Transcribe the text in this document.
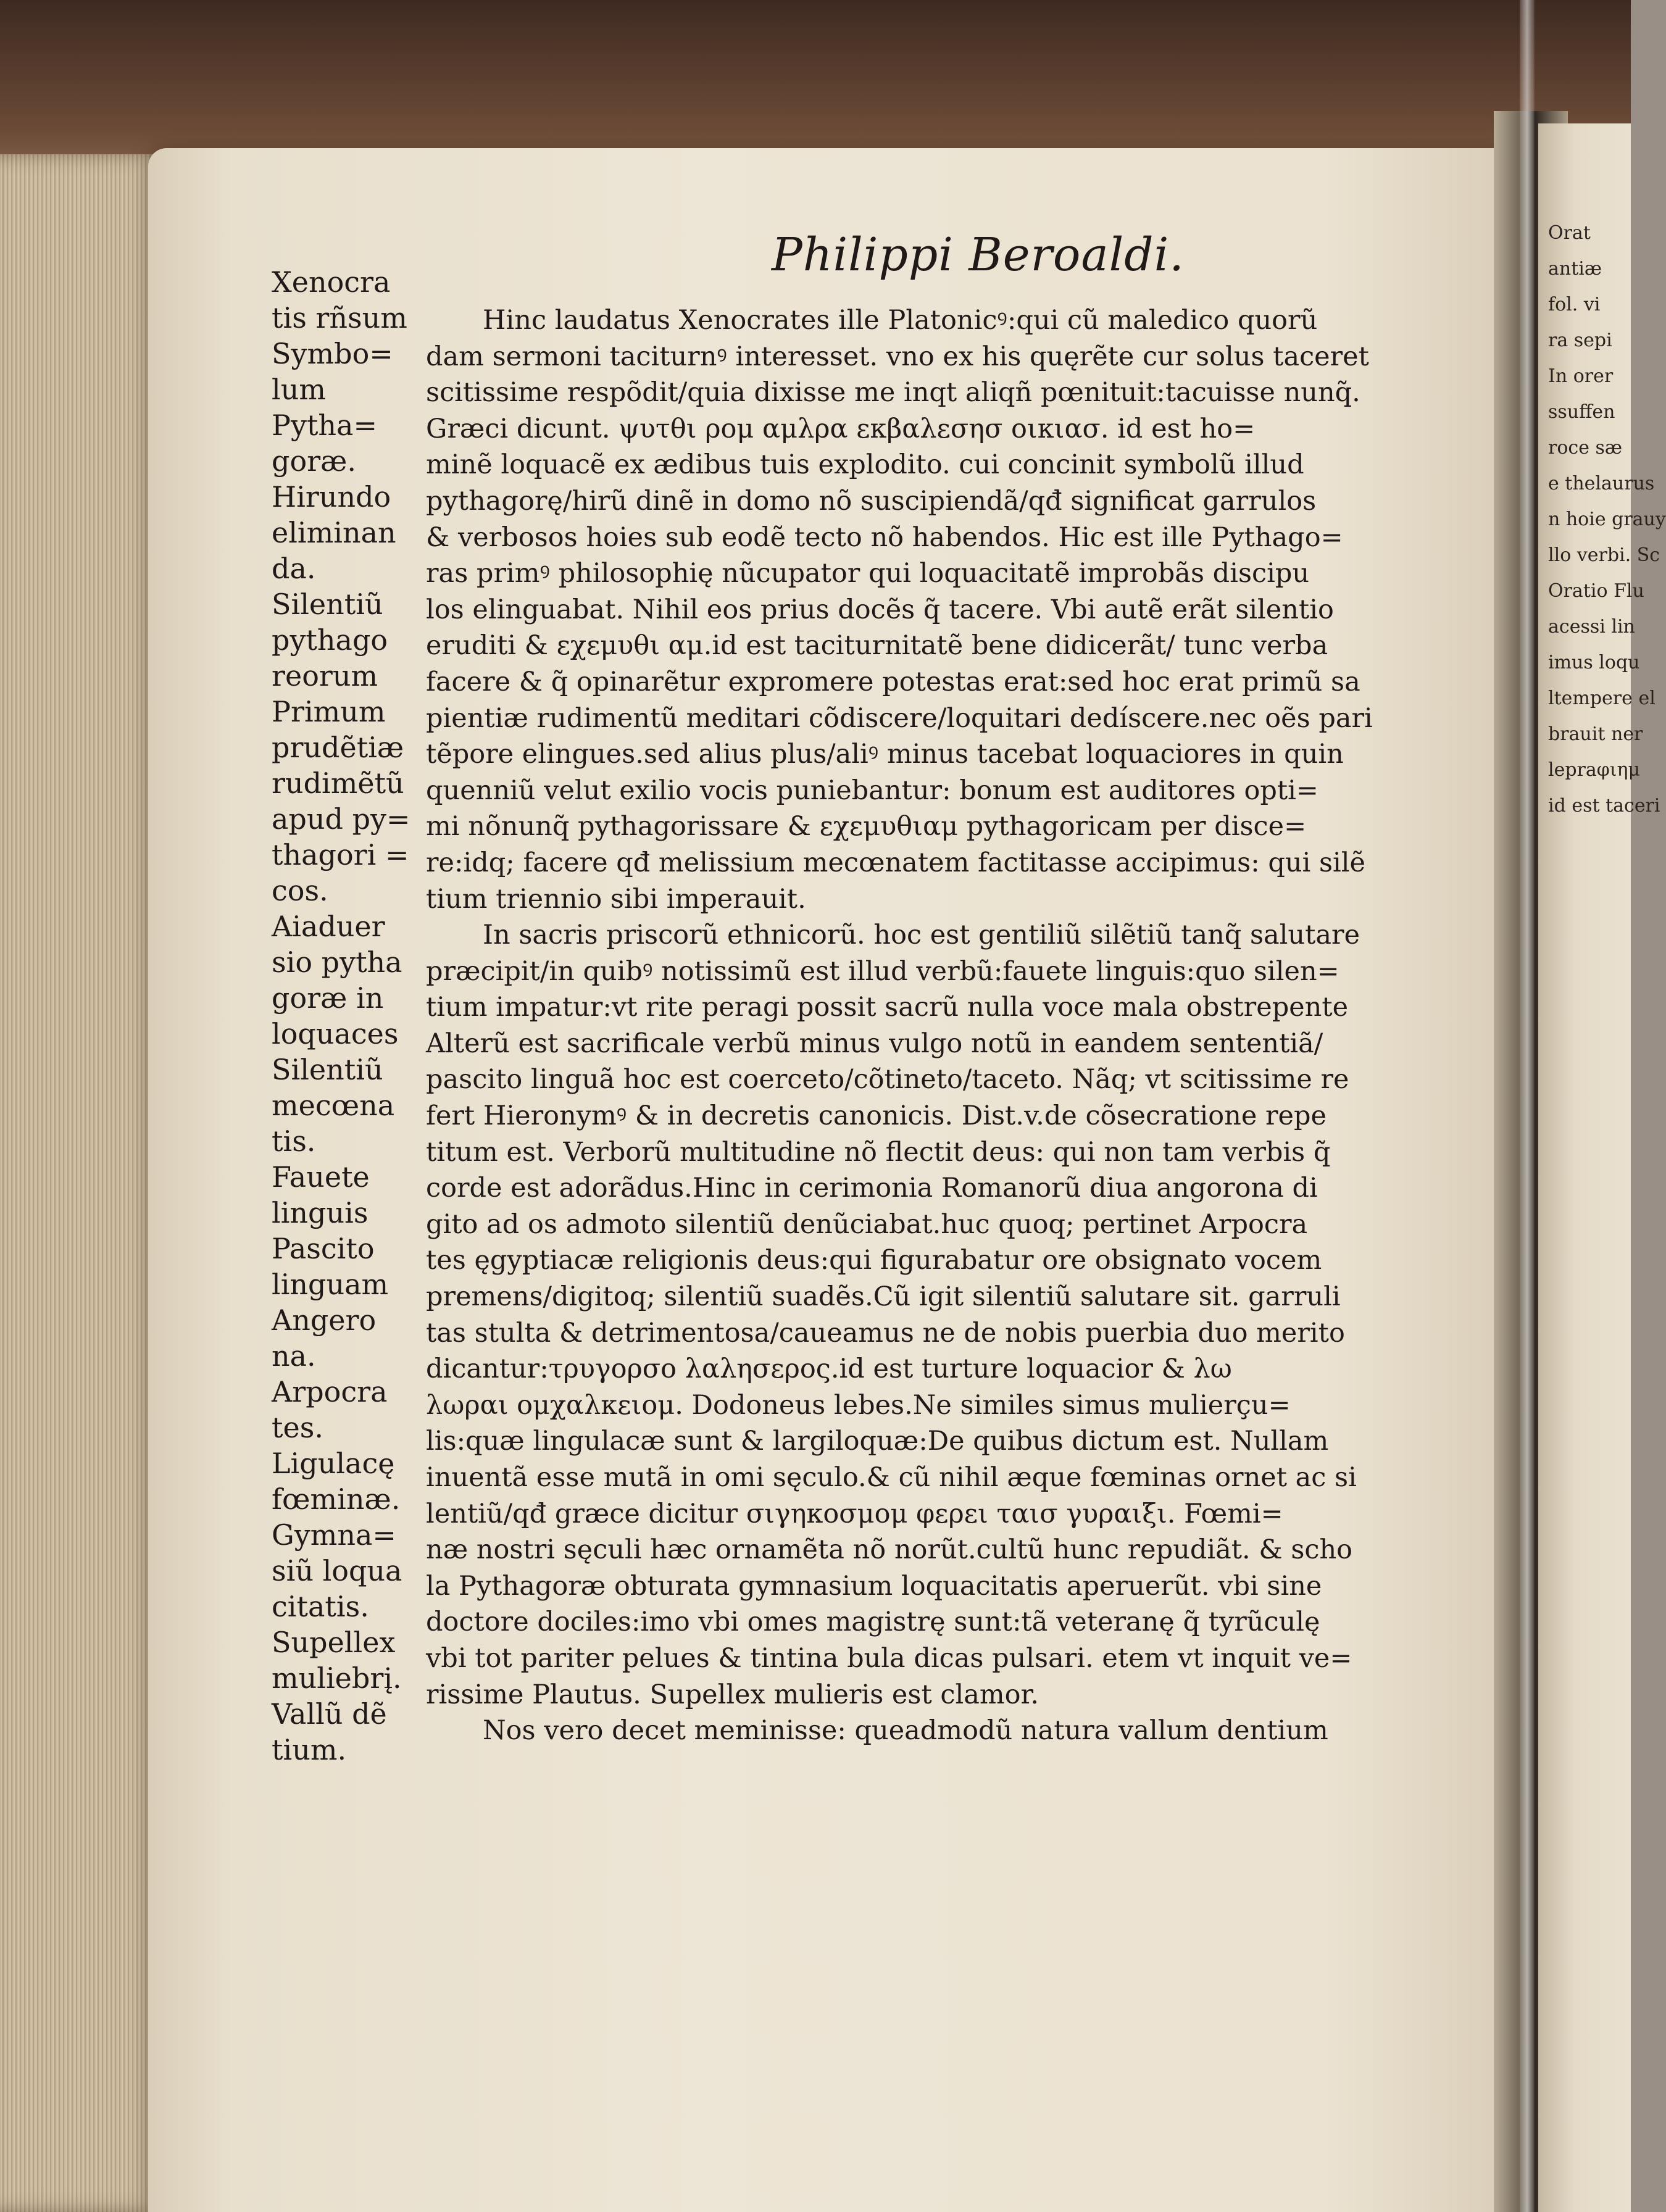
Philippi Beroaldi.
Xenocra
tis rñsum
Symbo=
lum
Pytha=
goræ.
Hirundo
eliminan
da.
Silentiũ
pythago
reorum
Primum
prudẽtiæ
rudimẽtũ
apud py=
thagori =
cos.
Aiaduer
sio pytha
goræ in
loquaces
Silentiũ
mecœna
tis.
Fauete
linguis
Pascito
linguam
Angero
na.
Arpocra
tes.
Ligulacę
fœminæ.
Gymna=
siũ loqua
citatis.
Supellex
muliebrį.
Vallũ dẽ
tium.
Hinc laudatus Xenocrates ille Platonicꝰ:qui cũ maledico quorũ
dam sermoni taciturnꝰ interesset. vno ex his quęrẽte cur solus taceret
scitissime respõdit/quia dixisse me inqt aliqñ pœnituit:tacuisse nunq̃.
Græci dicunt. ψυτθι ρομ αμλρα εκβαλεσησ οικιασ. id est ho=
minẽ loquacẽ ex ædibus tuis explodito. cui concinit symbolũ illud
pythagorę/hirũ dinẽ in domo nõ suscipiendã/qđ significat garrulos
& verbosos hoies sub eodẽ tecto nõ habendos. Hic est ille Pythago=
ras primꝰ philosophię nũcupator qui loquacitatẽ improbãs discipu
los elinguabat. Nihil eos prius docẽs q̃ tacere. Vbi autẽ erãt silentio
eruditi & εχεμυθι αμ.id est taciturnitatẽ bene didicerãt/ tunc verba
facere & q̃ opinarẽtur expromere potestas erat:sed hoc erat primũ sa
pientiæ rudimentũ meditari cõdiscere/loquitari dedíscere.nec oẽs pari
tẽpore elingues.sed alius plus/aliꝰ minus tacebat loquaciores in quin
quenniũ velut exilio vocis puniebantur: bonum est auditores opti=
mi nõnunq̃ pythagorissare & εχεμυθιαμ pythagoricam per disce=
re:idq; facere qđ melissium mecœnatem factitasse accipimus: qui silẽ
tium triennio sibi imperauit.
In sacris priscorũ ethnicorũ. hoc est gentiliũ silẽtiũ tanq̃ salutare
præcipit/in quibꝰ notissimũ est illud verbũ:fauete linguis:quo silen=
tium impatur:vt rite peragi possit sacrũ nulla voce mala obstrepente
Alterũ est sacrificale verbũ minus vulgo notũ in eandem sententiã/
pascito linguã hoc est coerceto/cõtineto/taceto. Nãq; vt scitissime re
fert Hieronymꝰ & in decretis canonicis. Dist.v.de cõsecratione repe
titum est. Verborũ multitudine nõ flectit deus: qui non tam verbis q̃
corde est adorãdus.Hinc in cerimonia Romanorũ diua angorona di
gito ad os admoto silentiũ denũciabat.huc quoq; pertinet Arpocra
tes ęgyptiacæ religionis deus:qui figurabatur ore obsignato vocem
premens/digitoq; silentiũ suadẽs.Cũ igit silentiũ salutare sit. garruli
tas stulta & detrimentosa/caueamus ne de nobis puerbia duo merito
dicantur:τρυγορσο λαλησερος.id est turture loquacior & λω
λωραι ομχαλκειομ. Dodoneus lebes.Ne similes simus mulierçu=
lis:quæ lingulacæ sunt & largiloquæ:De quibus dictum est. Nullam
inuentã esse mutã in omi sęculo.& cũ nihil æque fœminas ornet ac si
lentiũ/qđ græce dicitur σιγηκοσμομ φερει ταισ γυραιξι. Fœmi=
næ nostri sęculi hæc ornamẽta nõ norũt.cultũ hunc repudiãt. & scho
la Pythagoræ obturata gymnasium loquacitatis aperuerũt. vbi sine
doctore dociles:imo vbi omes magistrę sunt:tã veteranę q̃ tyrũculę
vbi tot pariter pelues & tintina bula dicas pulsari. etem vt inquit ve=
rissime Plautus. Supellex mulieris est clamor.
Nos vero decet meminisse: queadmodũ natura vallum dentium
Orat
antiæ
fol. vi
ra sepi
In orer
ssuffen
roce sæ
e thelaurus
n hoie grauy
llo verbi. Sc
Oratio Flu
acessi lin
imus loqu
ltempere el
brauit ner
lepraφιημ
id est taceri
